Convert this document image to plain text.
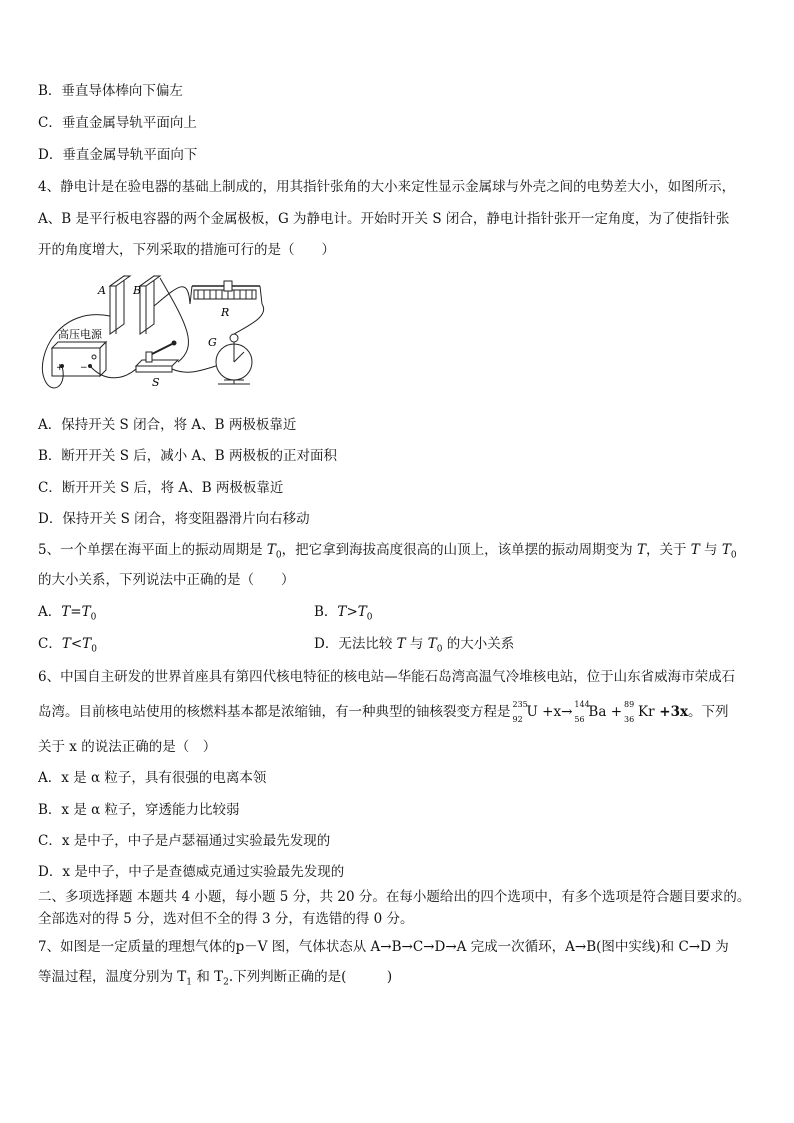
B．垂直导体棒向下偏左
C．垂直金属导轨平面向上
D．垂直金属导轨平面向下
4、静电计是在验电器的基础上制成的，用其指针张角的大小来定性显示金属球与外壳之间的电势差大小，如图所示，
A、B 是平行板电容器的两个金属极板，G 为静电计。开始时开关 S 闭合，静电计指针张开一定角度，为了使指针张
开的角度增大，下列采取的措施可行的是（　　）
A B
R
高压电源
+ −
S
G
A．保持开关 S 闭合，将 A、B 两极板靠近
B．断开开关 S 后，减小 A、B 两极板的正对面积
C．断开开关 S 后，将 A、B 两极板靠近
D．保持开关 S 闭合，将变阻器滑片向右移动
5、一个单摆在海平面上的振动周期是 $T_0$，把它拿到海拔高度很高的山顶上，该单摆的振动周期变为 T，关于 T 与 $T_0$
的大小关系，下列说法中正确的是（　　）
A．$T=T_0$	B．$T>T_0$
C．$T<T_0$	D．无法比较 T 与 $T_0$ 的大小关系
6、中国自主研发的世界首座具有第四代核电特征的核电站—华能石岛湾高温气冷堆核电站，位于山东省威海市荣成石
岛湾。目前核电站使用的核燃料基本都是浓缩铀，有一种典型的铀核裂变方程是 235
92 U +x→ 144
56 Ba + 89
36 Kr +3x。下列
关于 x 的说法正确的是（　）
A．x 是 α 粒子，具有很强的电离本领
B．x 是 α 粒子，穿透能力比较弱
C．x 是中子，中子是卢瑟福通过实验最先发现的
D．x 是中子，中子是查德威克通过实验最先发现的
二、多项选择题 本题共 4 小题，每小题 5 分，共 20 分。在每小题给出的四个选项中，有多个选项是符合题目要求的。
全部选对的得 5 分，选对但不全的得 3 分，有选错的得 0 分。
7、如图是一定质量的理想气体的p－V 图，气体状态从 A→B→C→D→A 完成一次循环，A→B(图中实线)和 C→D 为
等温过程，温度分别为 $T_1$ 和 $T_2$.下列判断正确的是(　　　)
